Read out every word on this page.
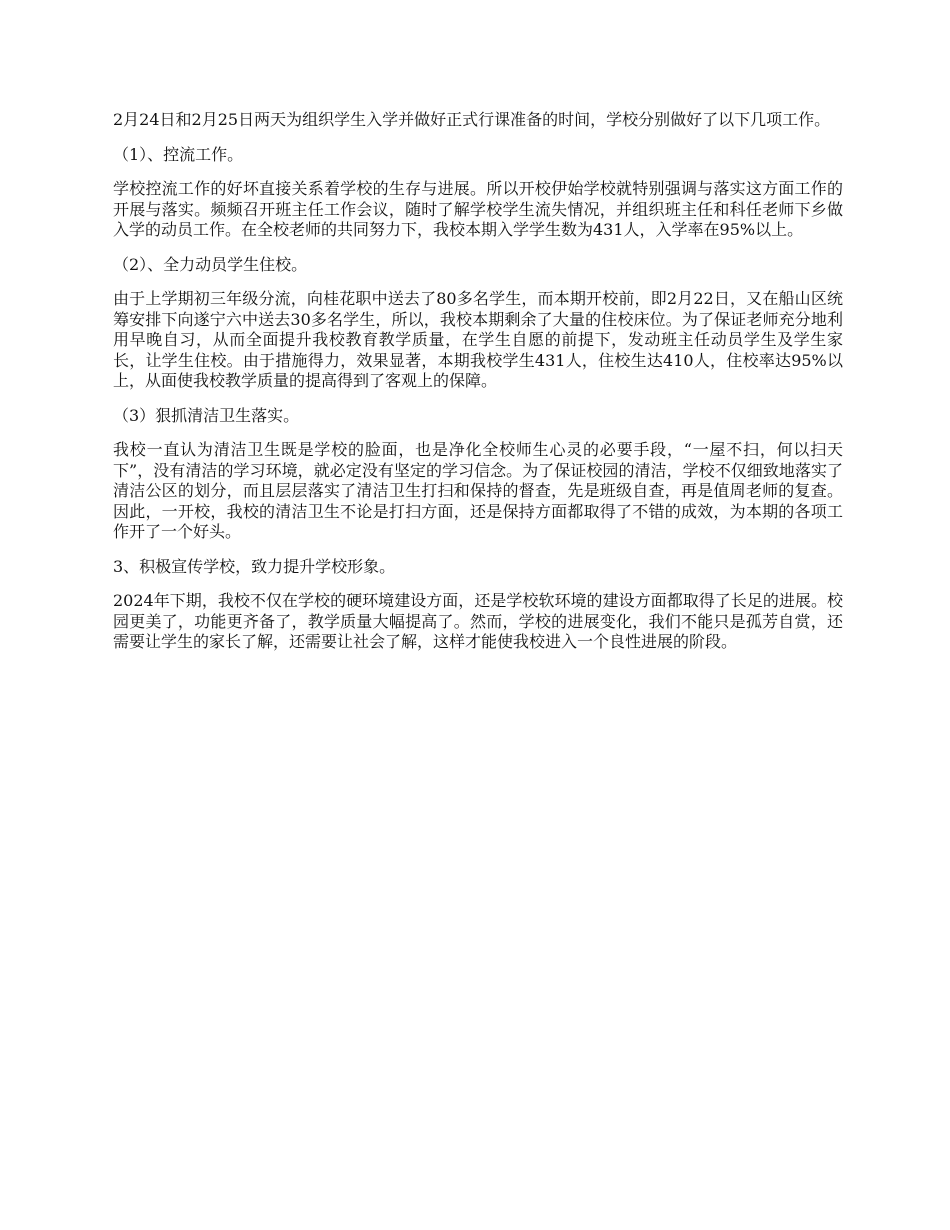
2月24日和2月25日两天为组织学生入学并做好正式行课准备的时间，学校分别做好了以下几项工作。

（1）、控流工作。

学校控流工作的好坏直接关系着学校的生存与进展。所以开校伊始学校就特别强调与落实这方面工作的开展与落实。频频召开班主任工作会议，随时了解学校学生流失情况，并组织班主任和科任老师下乡做入学的动员工作。在全校老师的共同努力下，我校本期入学学生数为431人，入学率在95%以上。

（2）、全力动员学生住校。

由于上学期初三年级分流，向桂花职中送去了80多名学生，而本期开校前，即2月22日，又在船山区统筹安排下向遂宁六中送去30多名学生，所以，我校本期剩余了大量的住校床位。为了保证老师充分地利用早晚自习，从而全面提升我校教育教学质量，在学生自愿的前提下，发动班主任动员学生及学生家长，让学生住校。由于措施得力，效果显著，本期我校学生431人，住校生达410人，住校率达95%以上，从面使我校教学质量的提高得到了客观上的保障。

（3）狠抓清洁卫生落实。

我校一直认为清洁卫生既是学校的脸面，也是净化全校师生心灵的必要手段，“一屋不扫，何以扫天下”，没有清洁的学习环境，就必定没有坚定的学习信念。为了保证校园的清洁，学校不仅细致地落实了清洁公区的划分，而且层层落实了清洁卫生打扫和保持的督查，先是班级自查，再是值周老师的复查。因此，一开校，我校的清洁卫生不论是打扫方面，还是保持方面都取得了不错的成效，为本期的各项工作开了一个好头。

3、积极宣传学校，致力提升学校形象。

2024年下期，我校不仅在学校的硬环境建设方面，还是学校软环境的建设方面都取得了长足的进展。校园更美了，功能更齐备了，教学质量大幅提高了。然而，学校的进展变化，我们不能只是孤芳自赏，还需要让学生的家长了解，还需要让社会了解，这样才能使我校进入一个良性进展的阶段。
